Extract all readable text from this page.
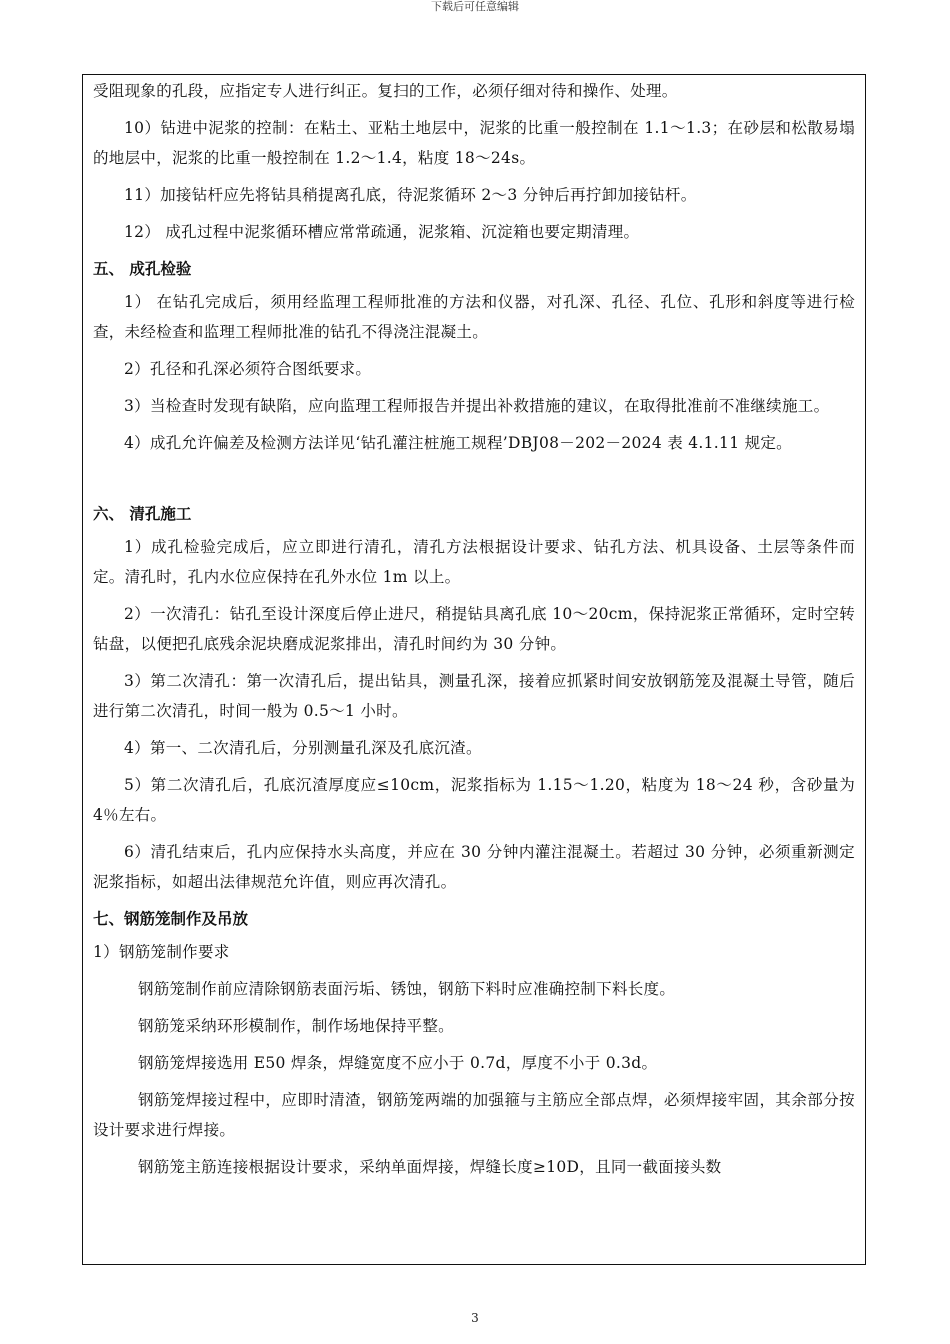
下载后可任意编辑

受阻现象的孔段，应指定专人进行纠正。复扫的工作，必须仔细对待和操作、处理。

10）钻进中泥浆的控制：在粘土、亚粘土地层中，泥浆的比重一般控制在 1.1～1.3；在砂层和松散易塌的地层中，泥浆的比重一般控制在 1.2～1.4，粘度 18～24s。

11）加接钻杆应先将钻具稍提离孔底，待泥浆循环 2～3 分钟后再拧卸加接钻杆。

12） 成孔过程中泥浆循环槽应常常疏通，泥浆箱、沉淀箱也要定期清理。

五、 成孔检验

1） 在钻孔完成后，须用经监理工程师批准的方法和仪器，对孔深、孔径、孔位、孔形和斜度等进行检查，未经检查和监理工程师批准的钻孔不得浇注混凝土。

2）孔径和孔深必须符合图纸要求。

3）当检查时发现有缺陷，应向监理工程师报告并提出补救措施的建议，在取得批准前不准继续施工。

4）成孔允许偏差及检测方法详见‘钻孔灌注桩施工规程’DBJ08－202－2024 表 4.1.11 规定。

六、 清孔施工

1）成孔检验完成后，应立即进行清孔，清孔方法根据设计要求、钻孔方法、机具设备、土层等条件而定。清孔时，孔内水位应保持在孔外水位 1m 以上。

2）一次清孔：钻孔至设计深度后停止进尺，稍提钻具离孔底 10～20cm，保持泥浆正常循环，定时空转钻盘，以便把孔底残余泥块磨成泥浆排出，清孔时间约为 30 分钟。

3）第二次清孔：第一次清孔后，提出钻具，测量孔深，接着应抓紧时间安放钢筋笼及混凝土导管，随后进行第二次清孔，时间一般为 0.5～1 小时。

4）第一、二次清孔后，分别测量孔深及孔底沉渣。

5）第二次清孔后，孔底沉渣厚度应≤10cm，泥浆指标为 1.15～1.20，粘度为 18～24 秒，含砂量为 4％左右。

6）清孔结束后，孔内应保持水头高度，并应在 30 分钟内灌注混凝土。若超过 30 分钟，必须重新测定泥浆指标，如超出法律规范允许值，则应再次清孔。

七、钢筋笼制作及吊放

1）钢筋笼制作要求

钢筋笼制作前应清除钢筋表面污垢、锈蚀，钢筋下料时应准确控制下料长度。

钢筋笼采纳环形模制作，制作场地保持平整。

钢筋笼焊接选用 E50 焊条，焊缝宽度不应小于 0.7d，厚度不小于 0.3d。

钢筋笼焊接过程中，应即时清渣，钢筋笼两端的加强箍与主筋应全部点焊，必须焊接牢固，其余部分按设计要求进行焊接。

钢筋笼主筋连接根据设计要求，采纳单面焊接，焊缝长度≥10D，且同一截面接头数

3
